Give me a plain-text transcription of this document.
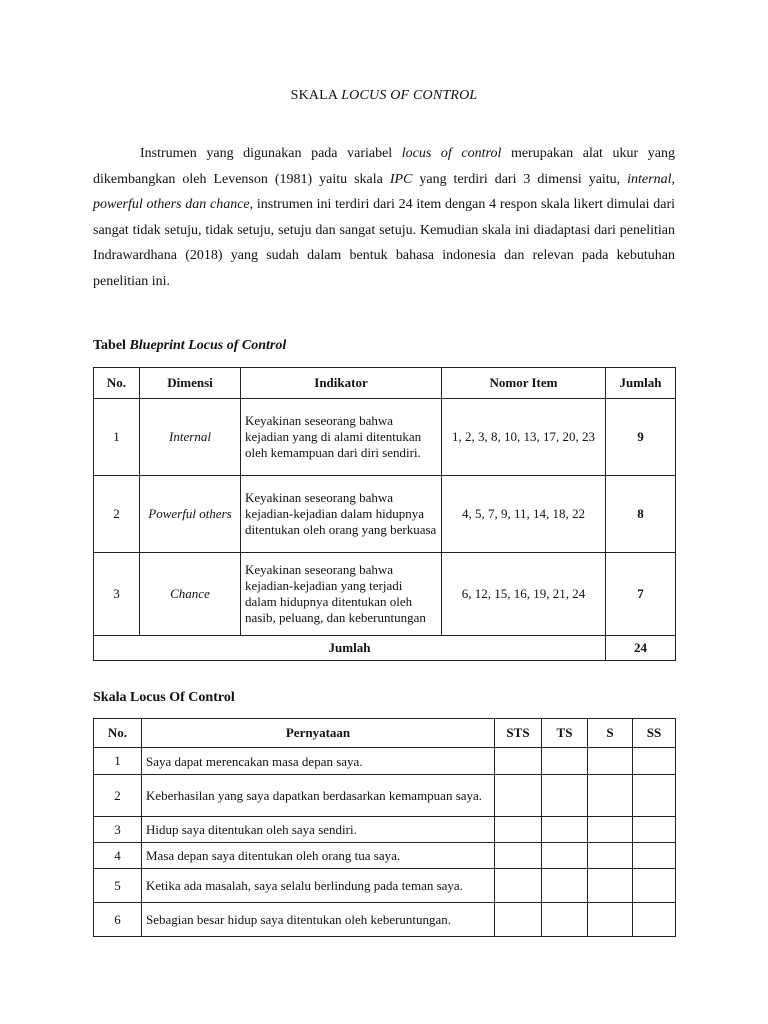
SKALA LOCUS OF CONTROL
Instrumen yang digunakan pada variabel locus of control merupakan alat ukur yang dikembangkan oleh Levenson (1981) yaitu skala IPC yang terdiri dari 3 dimensi yaitu, internal, powerful others dan chance, instrumen ini terdiri dari 24 item dengan 4 respon skala likert dimulai dari sangat tidak setuju, tidak setuju, setuju dan sangat setuju. Kemudian skala ini diadaptasi dari penelitian Indrawardhana (2018) yang sudah dalam bentuk bahasa indonesia dan relevan pada kebutuhan penelitian ini.
Tabel Blueprint Locus of Control
No.	Dimensi	Indikator	Nomor Item	Jumlah
1	Internal	Keyakinan seseorang bahwa kejadian yang di alami ditentukan oleh kemampuan dari diri sendiri.	1, 2, 3, 8, 10, 13, 17, 20, 23	9
2	Powerful others	Keyakinan seseorang bahwa kejadian-kejadian dalam hidupnya ditentukan oleh orang yang berkuasa	4, 5, 7, 9, 11, 14, 18, 22	8
3	Chance	Keyakinan seseorang bahwa kejadian-kejadian yang terjadi dalam hidupnya ditentukan oleh nasib, peluang, dan keberuntungan	6, 12, 15, 16, 19, 21, 24	7
Jumlah				24
Skala Locus Of Control
No.	Pernyataan	STS	TS	S	SS
1	Saya dapat merencakan masa depan saya.				
2	Keberhasilan yang saya dapatkan berdasarkan kemampuan saya.				
3	Hidup saya ditentukan oleh saya sendiri.				
4	Masa depan saya ditentukan oleh orang tua saya.				
5	Ketika ada masalah, saya selalu berlindung pada teman saya.				
6	Sebagian besar hidup saya ditentukan oleh keberuntungan.				
